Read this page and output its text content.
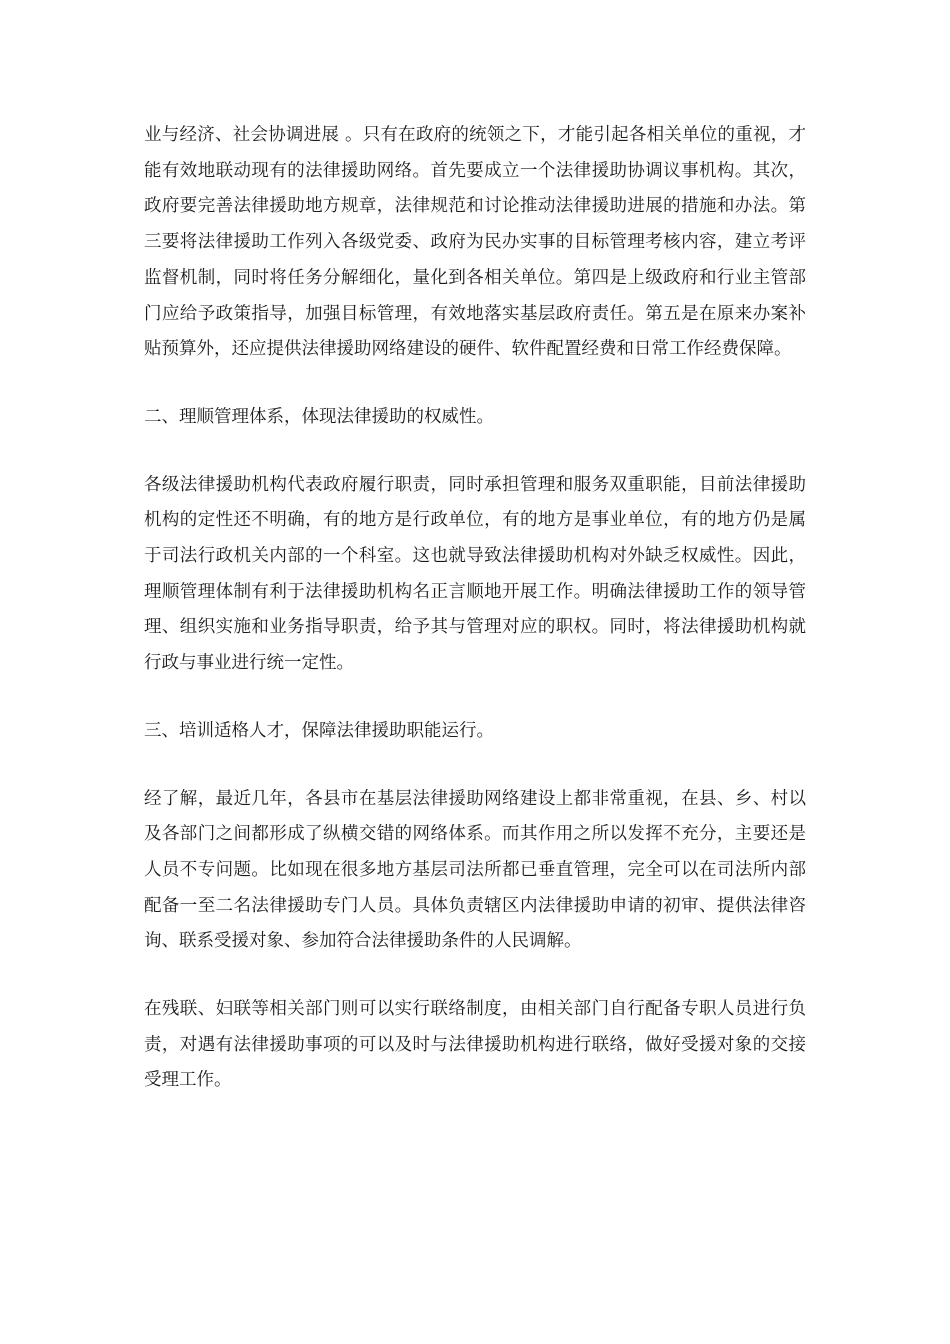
业与经济、社会协调进展 。只有在政府的统领之下，才能引起各相关单位的重视，才能有效地联动现有的法律援助网络。首先要成立一个法律援助协调议事机构。其次，政府要完善法律援助地方规章，法律规范和讨论推动法律援助进展的措施和办法。第三要将法律援助工作列入各级党委、政府为民办实事的目标管理考核内容，建立考评监督机制，同时将任务分解细化，量化到各相关单位。第四是上级政府和行业主管部门应给予政策指导，加强目标管理，有效地落实基层政府责任。第五是在原来办案补贴预算外，还应提供法律援助网络建设的硬件、软件配置经费和日常工作经费保障。

二、理顺管理体系，体现法律援助的权威性。

各级法律援助机构代表政府履行职责，同时承担管理和服务双重职能，目前法律援助机构的定性还不明确，有的地方是行政单位，有的地方是事业单位，有的地方仍是属于司法行政机关内部的一个科室。这也就导致法律援助机构对外缺乏权威性。因此，理顺管理体制有利于法律援助机构名正言顺地开展工作。明确法律援助工作的领导管理、组织实施和业务指导职责，给予其与管理对应的职权。同时，将法律援助机构就行政与事业进行统一定性。

三、培训适格人才，保障法律援助职能运行。

经了解，最近几年，各县市在基层法律援助网络建设上都非常重视，在县、乡、村以及各部门之间都形成了纵横交错的网络体系。而其作用之所以发挥不充分，主要还是人员不专问题。比如现在很多地方基层司法所都已垂直管理，完全可以在司法所内部配备一至二名法律援助专门人员。具体负责辖区内法律援助申请的初审、提供法律咨询、联系受援对象、参加符合法律援助条件的人民调解。

在残联、妇联等相关部门则可以实行联络制度，由相关部门自行配备专职人员进行负责，对遇有法律援助事项的可以及时与法律援助机构进行联络，做好受援对象的交接受理工作。
